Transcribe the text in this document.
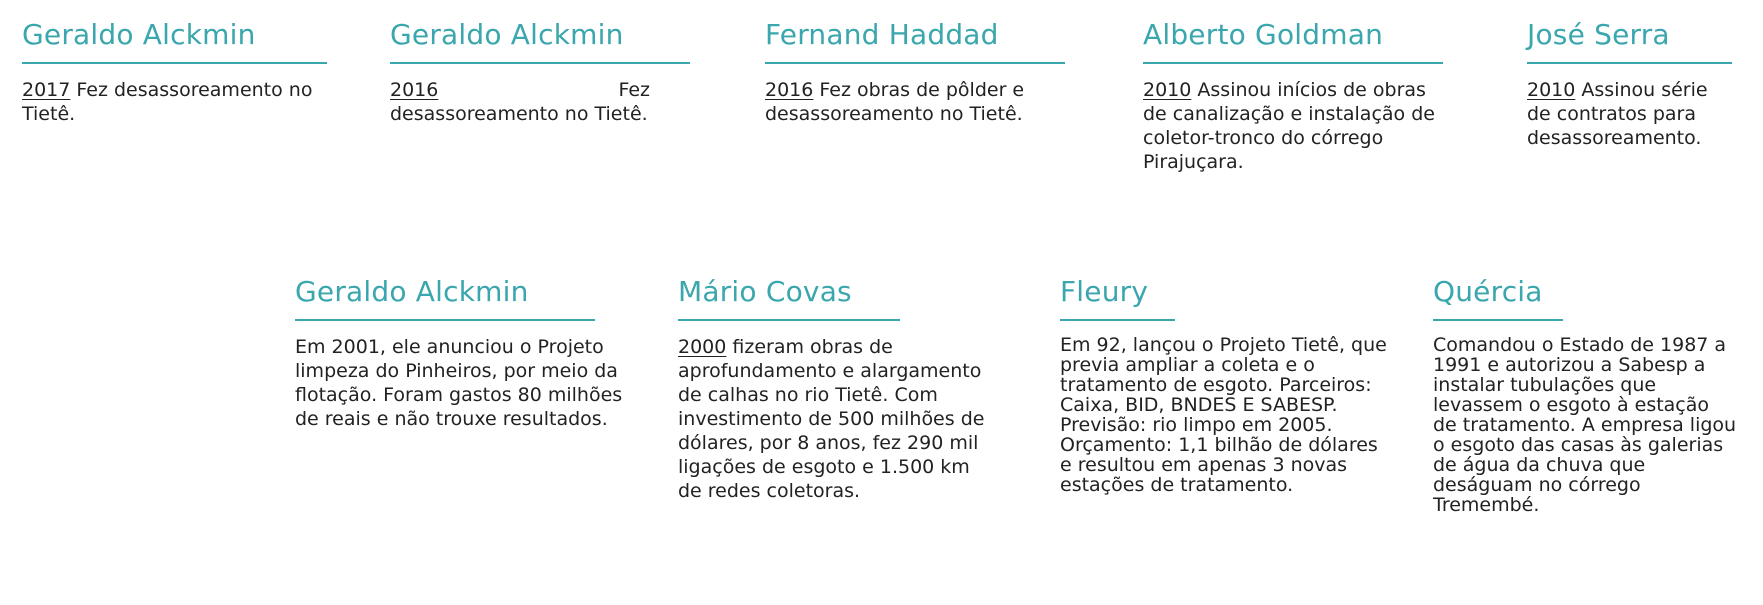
Geraldo Alckmin
2017 Fez desassoreamento no Tietê.
Geraldo Alckmin
2016 Fez desassoreamento no Tietê.
Fernand Haddad
2016 Fez obras de pôlder e desassoreamento no Tietê.
Alberto Goldman
2010 Assinou inícios de obras de canalização e instalação de coletor-tronco do córrego Pirajuçara.
José Serra
2010 Assinou série de contratos para desassoreamento.
Geraldo Alckmin
Em 2001, ele anunciou o Projeto limpeza do Pinheiros, por meio da flotação. Foram gastos 80 milhões de reais e não trouxe resultados.
Mário Covas
2000 fizeram obras de aprofundamento e alargamento de calhas no rio Tietê. Com investimento de 500 milhões de dólares, por 8 anos, fez 290 mil ligações de esgoto e 1.500 km de redes coletoras.
Fleury
Em 92, lançou o Projeto Tietê, que previa ampliar a coleta e o tratamento de esgoto. Parceiros: Caixa, BID, BNDES E SABESP. Previsão: rio limpo em 2005. Orçamento: 1,1 bilhão de dólares e resultou em apenas 3 novas estações de tratamento.
Quércia
Comandou o Estado de 1987 a 1991 e autorizou a Sabesp a instalar tubulações que levassem o esgoto à estação de tratamento. A empresa ligou o esgoto das casas às galerias de água da chuva que deságuam no córrego Tremembé.
